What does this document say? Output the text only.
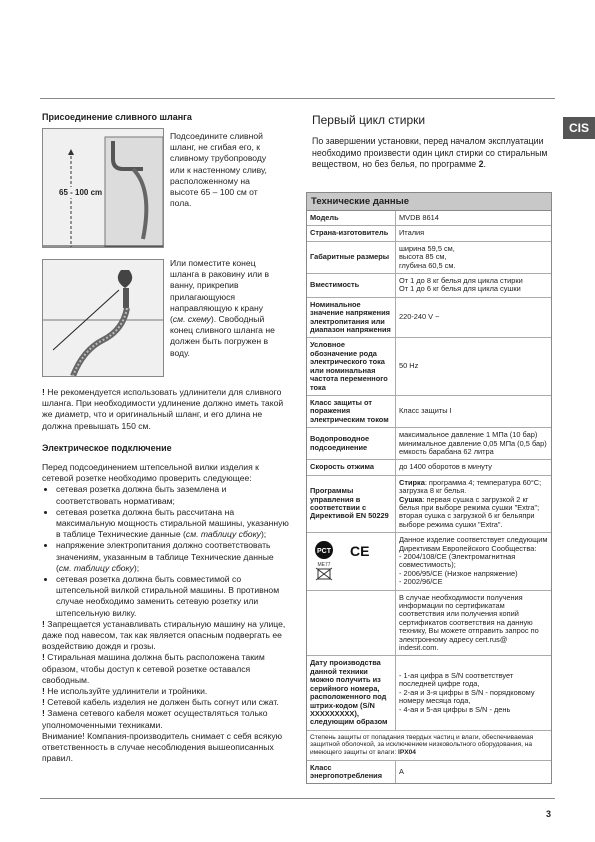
Присоединение сливного шланга
65 - 100 cm
Подсоедините сливной шланг, не сгибая его, к сливному трубопроводу или к настенному сливу, расположенному на высоте 65 – 100 см от пола.
Или поместите конец шланга в раковину или в ванну, прикрепив прилагающуюся направляющую к крану (см. схему). Свободный конец сливного шланга не должен быть погружен в воду.
! Не рекомендуется использовать удлинители для сливного шланга. При необходимости удлинение должно иметь такой же диаметр, что и оригинальный шланг, и его длина не должна превышать 150 см.
Электрическое подключение
Перед подсоединением штепсельной вилки изделия к сетевой розетке необходимо проверить следующее:
• сетевая розетка должна быть заземлена и соответствовать нормативам;
• сетевая розетка должна быть рассчитана на максимальную мощность стиральной машины, указанную в таблице Технические данные (см. таблицу сбоку);
• напряжение электропитания должно соответствовать значениям, указанным в таблице Технические данные (см. таблицу сбоку);
• сетевая розетка должна быть совместимой со штепсельной вилкой стиральной машины. В противном случае необходимо заменить сетевую розетку или штепсельную вилку.
! Запрещается устанавливать стиральную машину на улице, даже под навесом, так как является опасным подвергать ее воздействию дождя и грозы.
! Стиральная машина должна быть расположена таким образом, чтобы доступ к сетевой розетке оставался свободным.
! Не используйте удлинители и тройники.
! Сетевой кабель изделия не должен быть согнут или сжат.
! Замена сетевого кабеля может осуществляться только уполномоченными техниками.
Внимание! Компания-производитель снимает с себя всякую ответственность в случае несоблюдения вышеописанных правил.
Первый цикл стирки
По завершении установки, перед началом эксплуатации необходимо произвести один цикл стирки со стиральным веществом, но без белья, по программе 2.
CIS
Технические данные
Модель	MVDB 8614
Страна-изготовитель	Италия
Габаритные размеры	ширина 59,5 см,
высота 85 см,
глубина 60,5 см.
Вместимость	От 1 до 8 кг белья для цикла стирки
От 1 до 6 кг белья для цикла сушки
Номинальное значение напряжения электропитания или диапазон напряжения	220-240 V ~
Условное обозначение рода электрического тока или номинальная частота переменного тока	50 Hz
Класс защиты от поражения электрическим током	Класс защиты I
Водопроводное подсоединение	максимальное давление 1 МПа (10 бар)
минимальное давление 0,05 МПа (0,5 бар)
емкость барабана 62 литра
Скорость отжима	до 1400 оборотов в минуту
Программы управления в соответствии с Директивой EN 50229	Стирка: программа 4; температура 60°C; загрузка 8 кг белья.
Сушка: первая сушка с загрузкой 2 кг белья при выборе режима сушки "Extra";
вторая сушка с загрузкой 6 кг бельяпри выборе режима сушки "Extra".

PCT
ME77
CE	Данное изделие соответствует следующим Директивам Европейского Сообщества:
- 2004/108/CE (Электромагнитная совместимость);
- 2006/95/CE (Низкое напряжение)
- 2002/96/CE
	В случае необходимости получения информации по сертификатам соответствия или получения копий сертификатов соответствия на данную технику, Вы можете отправить запрос по электронному адресу cert.rus@ indesit.com.
Дату производства данной техники можно получить из серийного номера, расположенного под штрих-кодом (S/N XXXXXXXXX), следующим образом	- 1-ая цифра в S/N соответствует последней цифре года,
- 2-ая и 3-я цифры в S/N - порядковому номеру месяца года,
- 4-ая и 5-ая цифры в S/N - день
Степень защиты от попадания твердых частиц и влаги, обеспечиваемая защитной оболочкой, за исключением низковольтного оборудования, на имеющего защиты от влаги: IPX04	
Класс энергопотребления	A
3
